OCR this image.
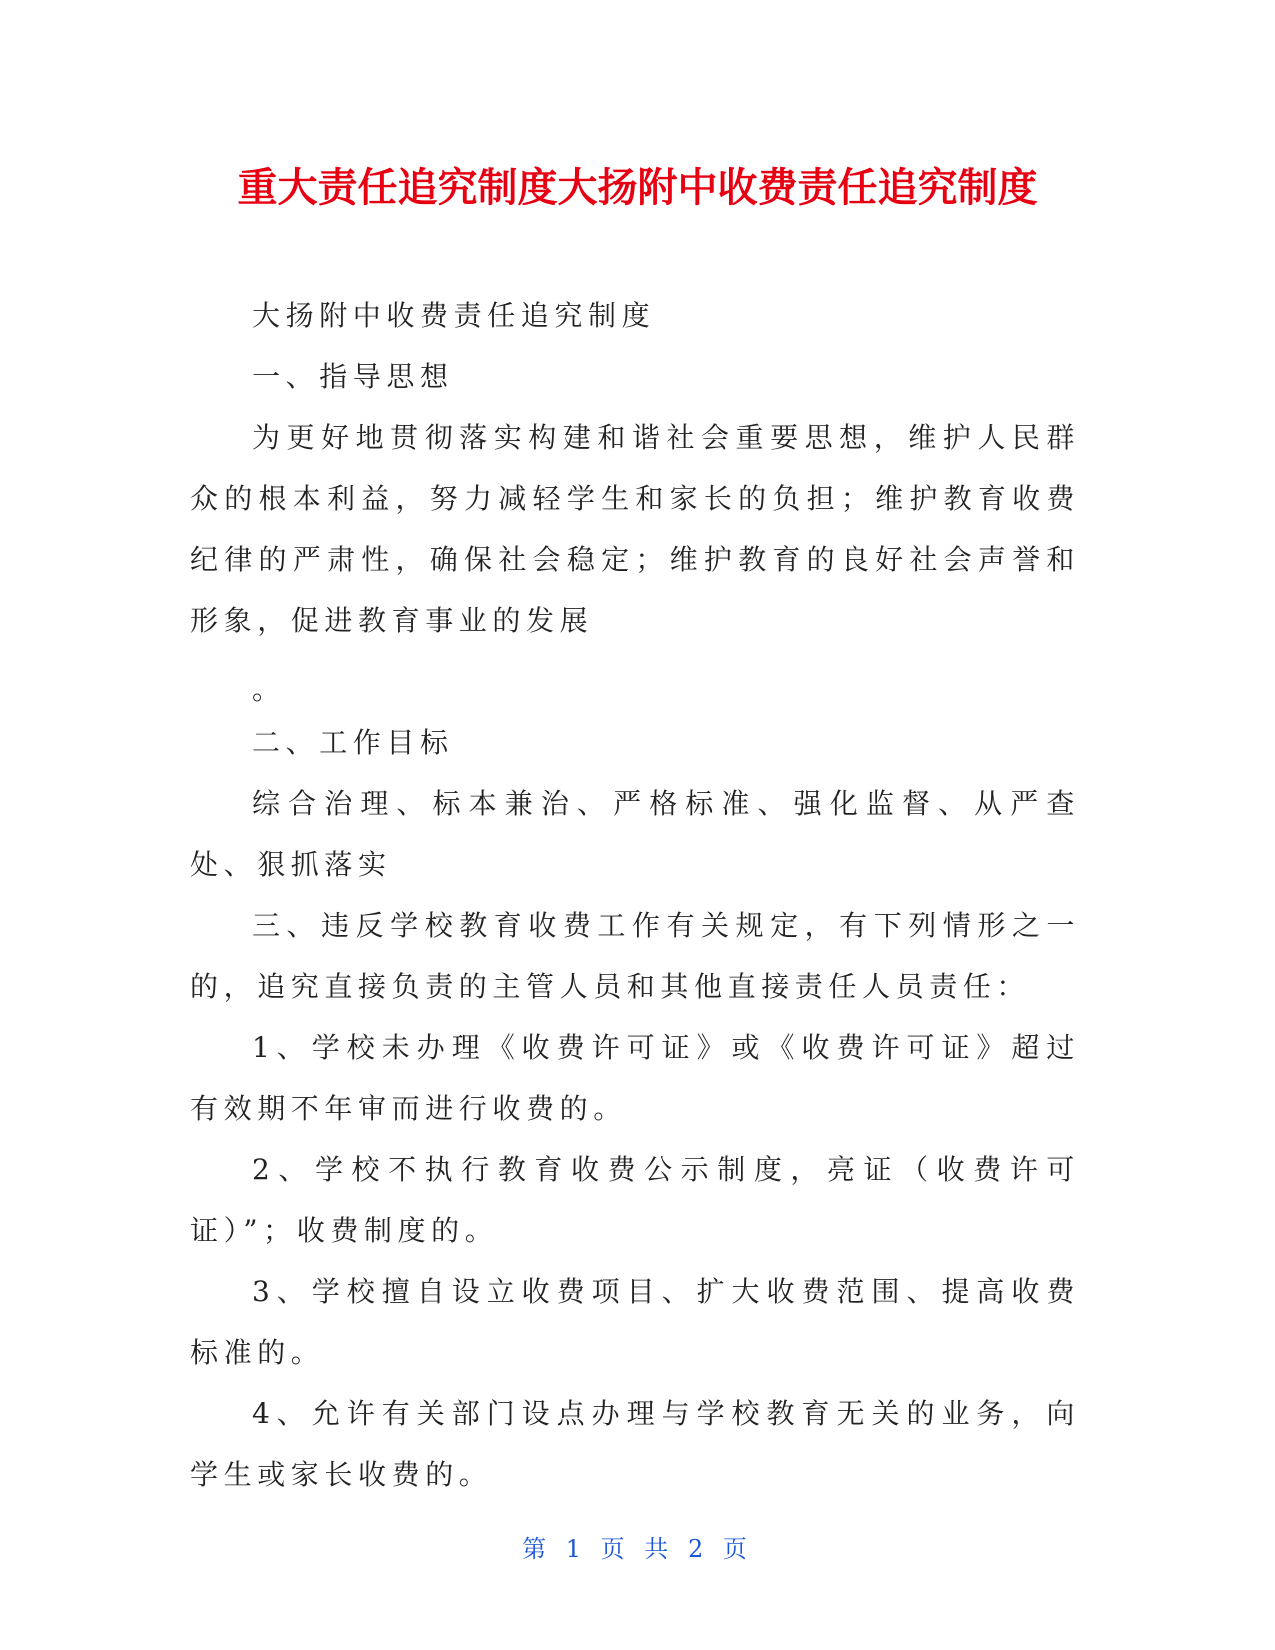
重大责任追究制度大扬附中收费责任追究制度

大扬附中收费责任追究制度

一、指导思想

为更好地贯彻落实构建和谐社会重要思想，维护人民群众的根本利益，努力减轻学生和家长的负担；维护教育收费纪律的严肃性，确保社会稳定；维护教育的良好社会声誉和形象，促进教育事业的发展

。

二、工作目标

综合治理、标本兼治、严格标准、强化监督、从严查处、狠抓落实

三、违反学校教育收费工作有关规定，有下列情形之一的，追究直接负责的主管人员和其他直接责任人员责任：

1、学校未办理《收费许可证》或《收费许可证》超过有效期不年审而进行收费的。

2、学校不执行教育收费公示制度，亮证（收费许可证）”；收费制度的。

3、学校擅自设立收费项目、扩大收费范围、提高收费标准的。

4、允许有关部门设点办理与学校教育无关的业务，向学生或家长收费的。

第 1 页 共 2 页
